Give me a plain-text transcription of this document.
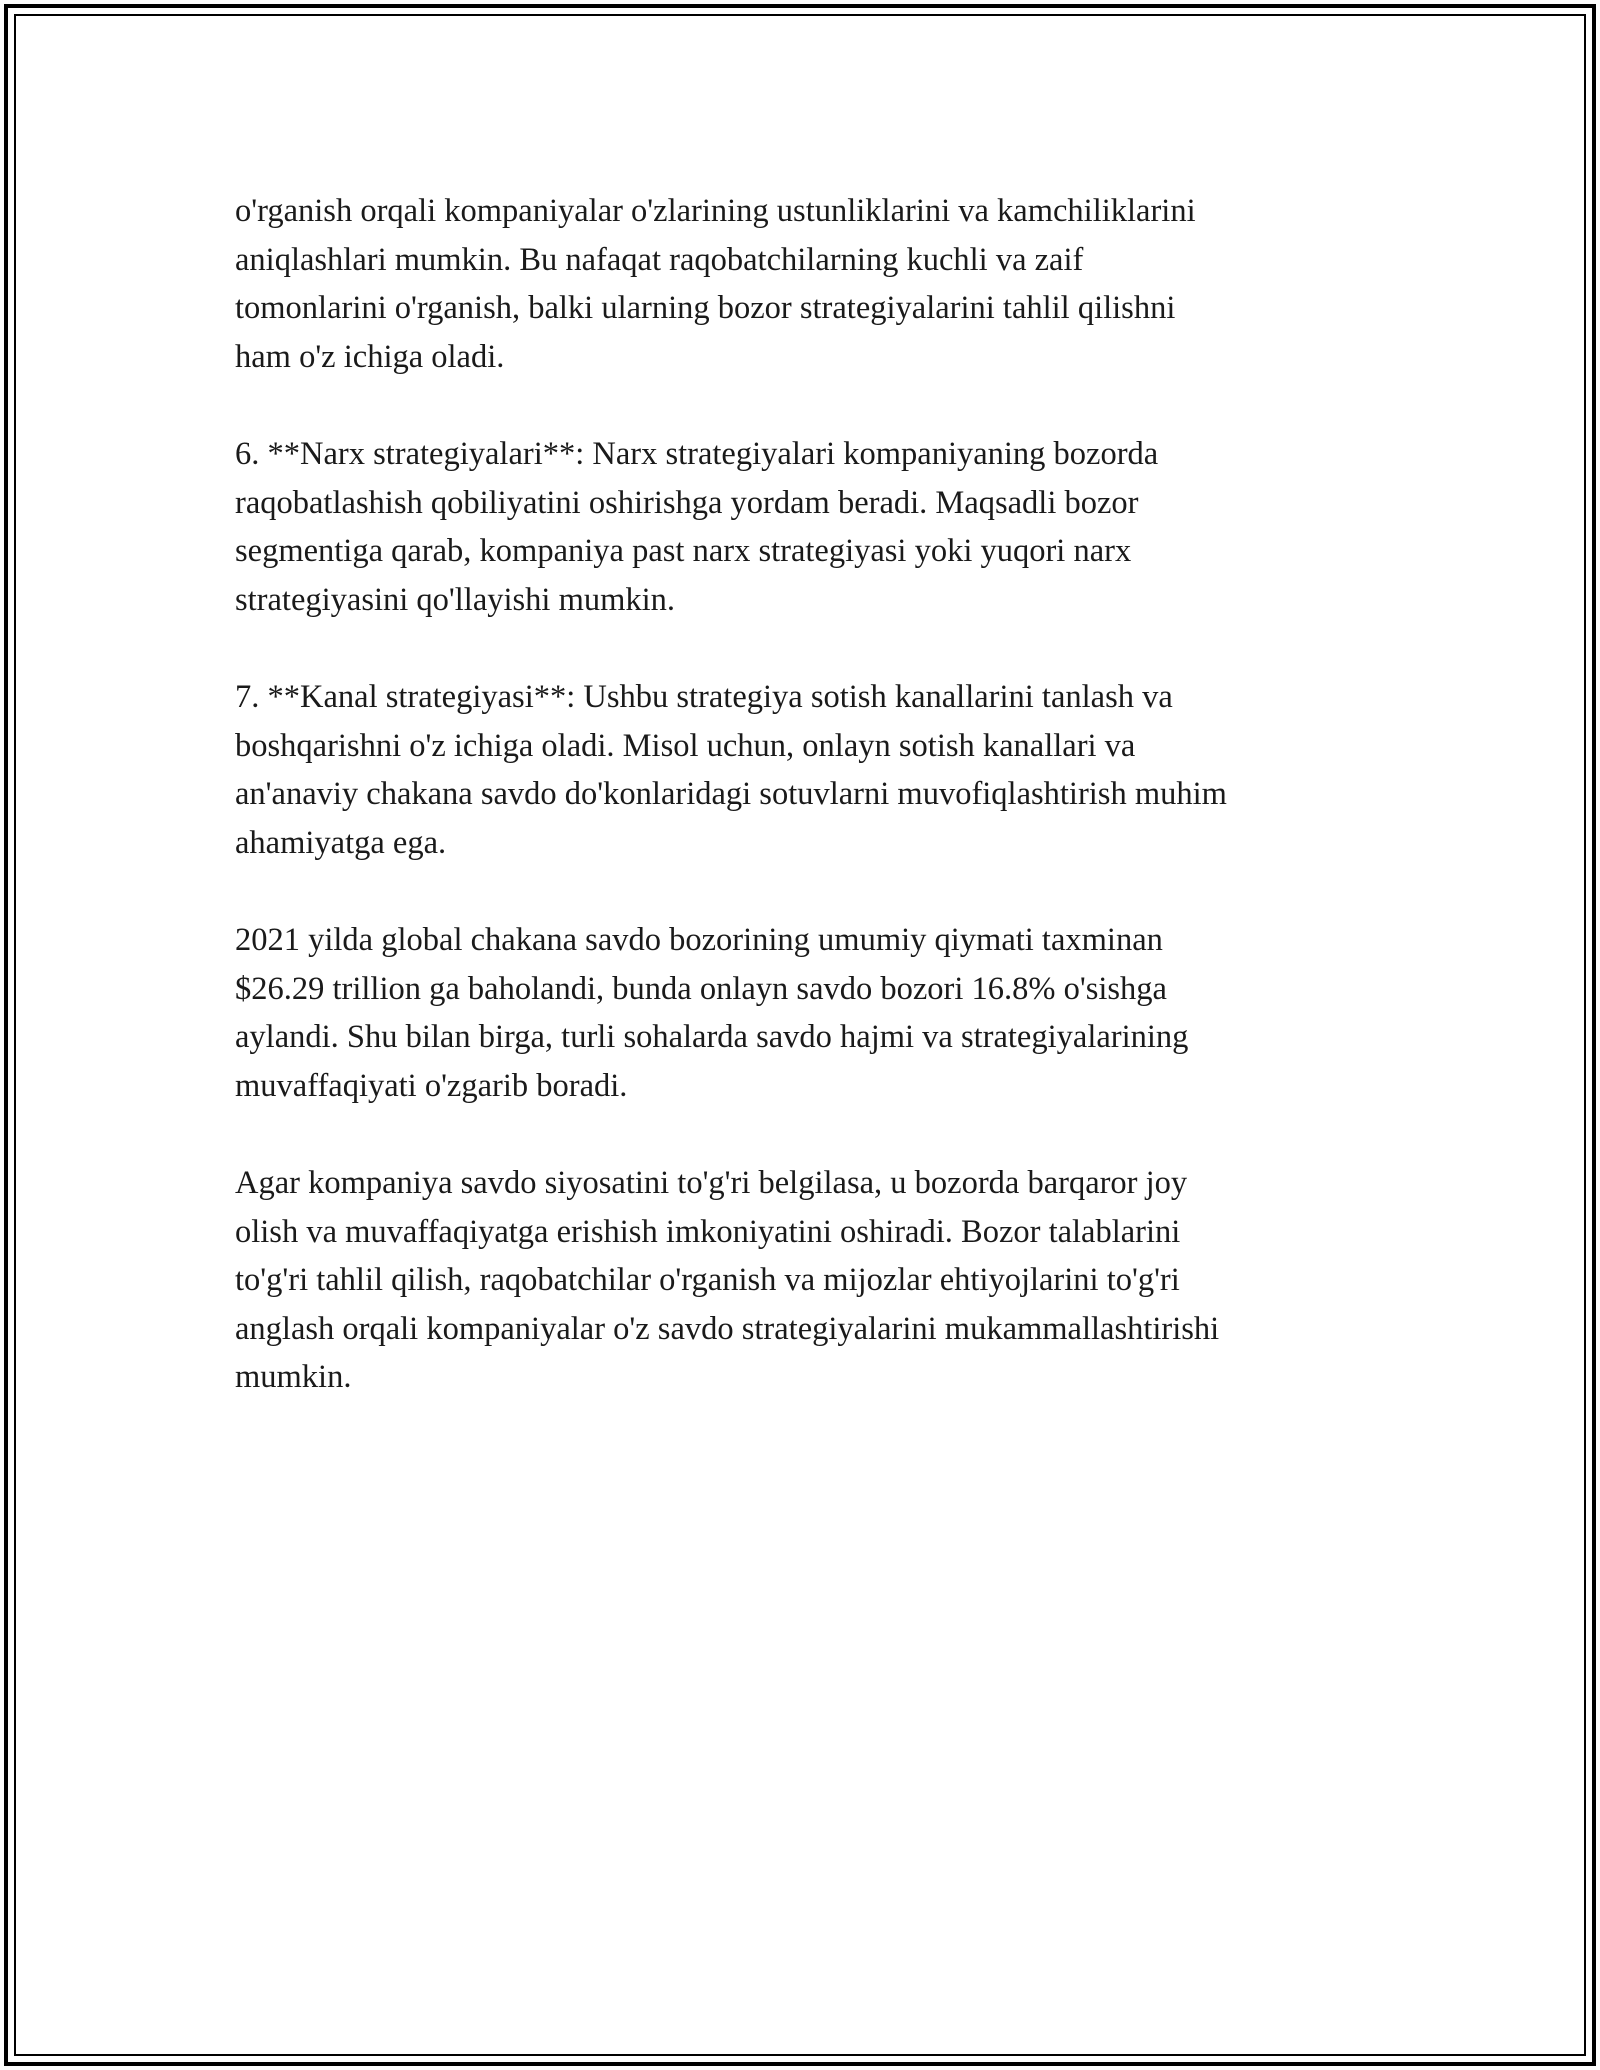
o'rganish orqali kompaniyalar o'zlarining ustunliklarini va kamchiliklarini
aniqlashlari mumkin. Bu nafaqat raqobatchilarning kuchli va zaif
tomonlarini o'rganish, balki ularning bozor strategiyalarini tahlil qilishni
ham o'z ichiga oladi.

6. **Narx strategiyalari**: Narx strategiyalari kompaniyaning bozorda
raqobatlashish qobiliyatini oshirishga yordam beradi. Maqsadli bozor
segmentiga qarab, kompaniya past narx strategiyasi yoki yuqori narx
strategiyasini qo'llayishi mumkin.

7. **Kanal strategiyasi**: Ushbu strategiya sotish kanallarini tanlash va
boshqarishni o'z ichiga oladi. Misol uchun, onlayn sotish kanallari va
an'anaviy chakana savdo do'konlaridagi sotuvlarni muvofiqlashtirish muhim
ahamiyatga ega.

2021 yilda global chakana savdo bozorining umumiy qiymati taxminan
$26.29 trillion ga baholandi, bunda onlayn savdo bozori 16.8% o'sishga
aylandi. Shu bilan birga, turli sohalarda savdo hajmi va strategiyalarining
muvaffaqiyati o'zgarib boradi.

Agar kompaniya savdo siyosatini to'g'ri belgilasa, u bozorda barqaror joy
olish va muvaffaqiyatga erishish imkoniyatini oshiradi. Bozor talablarini
to'g'ri tahlil qilish, raqobatchilar o'rganish va mijozlar ehtiyojlarini to'g'ri
anglash orqali kompaniyalar o'z savdo strategiyalarini mukammallashtirishi
mumkin.
